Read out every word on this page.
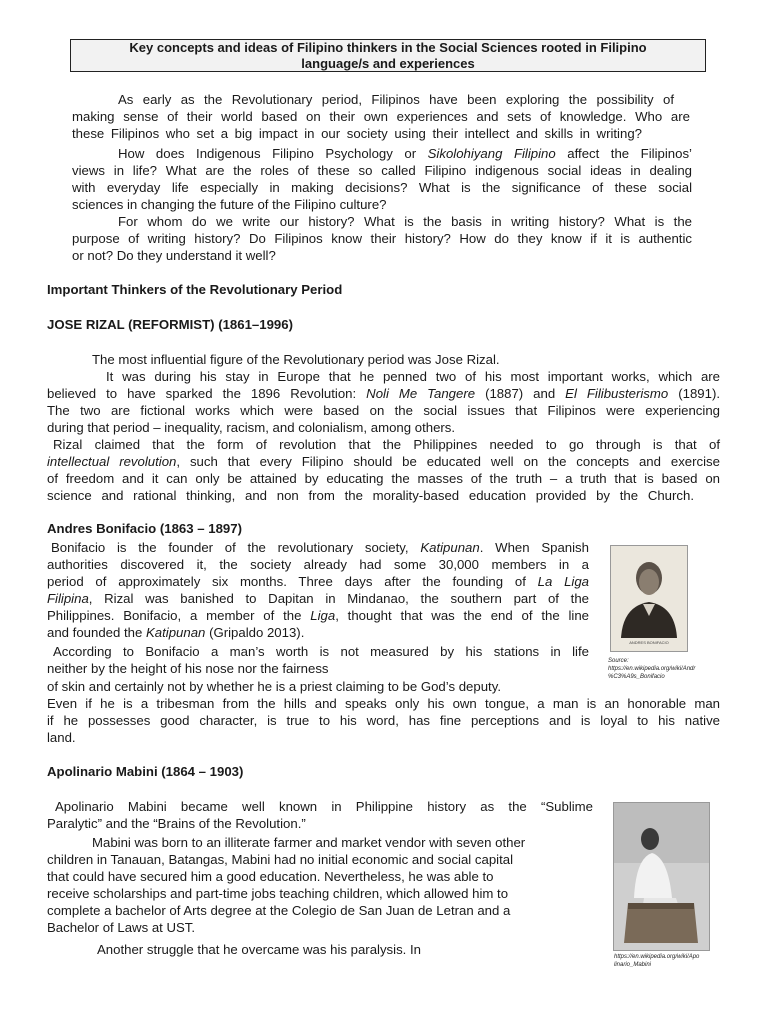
Key concepts and ideas of Filipino thinkers in the Social Sciences rooted in Filipino
language/s and experiences

As early as the Revolutionary period, Filipinos have been exploring the possibility of

making sense of their world based on their own experiences and sets of knowledge. Who are

these Filipinos who set a big impact in our society using their intellect and skills in writing?

How does Indigenous Filipino Psychology or Sikolohiyang Filipino affect the Filipinos’

views in life? What are the roles of these so called Filipino indigenous social ideas in dealing

with everyday life especially in making decisions? What is the significance of these social

sciences in changing the future of the Filipino culture?

For whom do we write our history? What is the basis in writing history? What is the

purpose of writing history? Do Filipinos know their history? How do they know if it is authentic

or not? Do they understand it well?

Important Thinkers of the Revolutionary Period
JOSE RIZAL (REFORMIST) (1861–1996)

The most influential figure of the Revolutionary period was Jose Rizal.

It was during his stay in Europe that he penned two of his most important works, which are

believed to have sparked the 1896 Revolution: Noli Me Tangere (1887) and El Filibusterismo (1891).

The two are fictional works which were based on the social issues that Filipinos were experiencing

during that period – inequality, racism, and colonialism, among others.

Rizal claimed that the form of revolution that the Philippines needed to go through is that of

intellectual revolution, such that every Filipino should be educated well on the concepts and exercise

of freedom and it can only be attained by educating the masses of the truth – a truth that is based on

science and rational thinking, and non from the morality-based education provided by the Church.

Andres Bonifacio (1863 – 1897)

Bonifacio is the founder of the revolutionary society, Katipunan. When Spanish

authorities discovered it, the society already had some 30,000 members in a

period of approximately six months. Three days after the founding of La Liga

Filipina, Rizal was banished to Dapitan in Mindanao, the southern part of the

Philippines. Bonifacio, a member of the Liga, thought that was the end of the line

and founded the Katipunan (Gripaldo 2013).

According to Bonifacio a man’s worth is not measured by his stations in life

neither by the height of his nose nor the fairness

of skin and certainly not by whether he is a priest claiming to be God’s deputy.

Even if he is a tribesman from the hills and speaks only his own tongue, a man is an honorable man

if he possesses good character, is true to his word, has fine perceptions and is loyal to his native

land.

ANDRES BONIFACIO
Source:
https://en.wikipedia.org/wiki/Andr
%C3%A9s_Bonifacio
Apolinario Mabini (1864 – 1903)

Apolinario Mabini became well known in Philippine history as the “Sublime

Paralytic” and the “Brains of the Revolution.”

Mabini was born to an illiterate farmer and market vendor with seven other

children in Tanauan, Batangas, Mabini had no initial economic and social capital

that could have secured him a good education. Nevertheless, he was able to

receive scholarships and part-time jobs teaching children, which allowed him to

complete a bachelor of Arts degree at the Colegio de San Juan de Letran and a

Bachelor of Laws at UST.

Another struggle that he overcame was his paralysis. In	https://en.wikipedia.org/wiki/Apo
linario_Mabini
